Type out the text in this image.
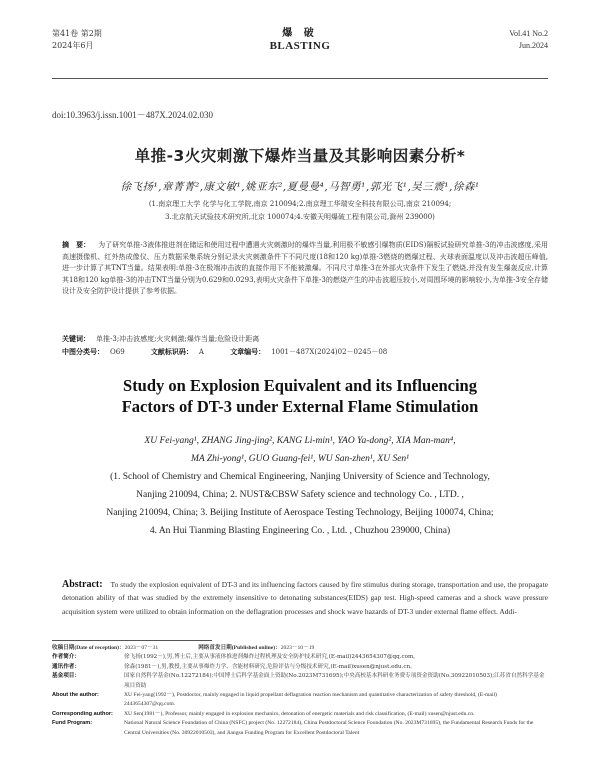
第41卷 第2期
2024年6月
爆 破
BLASTING
Vol.41 No.2
Jun.2024
doi:10.3963/j.issn.1001－487X.2024.02.030
单推-3火灾刺激下爆炸当量及其影响因素分析*
徐飞扬¹,章菁菁²,康文敏¹,姚亚东²,夏曼曼⁴,马智勇¹,郭光飞¹,吴三震¹,徐森¹
(1.南京理工大学 化学与化工学院,南京 210094;2.南京理工华瑞安全科技有限公司,南京 210094;
3.北京航天试验技术研究所,北京 100074;4.安徽天明爆破工程有限公司,滁州 239000)
摘　要： 为了研究单推-3液体推进剂在储运和使用过程中遭遇火灾刺激时的爆炸当量,利用极不敏感引爆物质(EIDS)隔板试验研究单推-3的冲击波感度,采用高速摄像机、红外热成像仪、压力数据采集系统分别记录火灾刺激条件下不同尺度(18和120 kg)单推-3燃烧的燃爆过程、火球表面温度以及冲击波超压峰值,进一步计算了其TNT当量。结果表明:单推-3在极端冲击波的直接作用下不能被激爆。不同尺寸单推-3在外部火灾条件下发生了燃烧,并没有发生爆轰反应,计算其18和120 kg单推-3的冲击TNT当量分别为0.629和0.0293,表明火灾条件下单推-3的燃烧产生的冲击波超压较小,对周围环境的影响较小,为单推-3安全存储设计及安全防护设计提供了参考依据。
关键词： 单推-3;冲击波感度;火灾刺激;爆炸当量;危险设计距离
中图分类号： O69	文献标识码： A	文章编号： 1001－487X(2024)02－0245－08
Study on Explosion Equivalent and its Influencing
Factors of DT-3 under External Flame Stimulation
XU Fei-yang¹, ZHANG Jing-jing², KANG Li-min¹, YAO Ya-dong², XIA Man-man⁴,
MA Zhi-yong¹, GUO Guang-fei¹, WU San-zhen¹, XU Sen¹
(1. School of Chemistry and Chemical Engineering, Nanjing University of Science and Technology,
Nanjing 210094, China; 2. NUST&CBSW Safety science and technology Co. , LTD. ,
Nanjing 210094, China; 3. Beijing Institute of Aerospace Testing Technology, Beijing 100074, China;
4. An Hui Tianming Blasting Engineering Co. , Ltd. , Chuzhou 239000, China)
Abstract: To study the explosion equivalent of DT-3 and its influencing factors caused by fire stimulus during storage, transportation and use, the propagate detonation ability of that was studied by the extremely insensitive to detonating substances(EIDS) gap test. High-speed cameras and a shock wave pressure acquisition system were utilized to obtain information on the deflagration processes and shock wave hazards of DT-3 under external flame effect. Addi-
收稿日期(Date of reception)：2023－07－31	网络首发日期(Published online)：2023－10－19
作者简介：	徐飞扬(1992－),男,博士后,主要从事液体推进剂爆炸过程机理及安全防护技术研究,(E-mail)2443654307@qq.com。
通讯作者：	徐森(1981－),男,教授,主要从事爆炸力学、含能材料研究,危险评估与分级技术研究,(E-mail)xusen@njust.edu.cn。
基金项目：	国家自然科学基金(No.12272184);中国博士后科学基金面上资助(No.2023M731695);中央高校基本科研业务费专项资金资助(No.30922010503);江苏省自然科学基金项目资助
About the author:	XU Fei-yang(1992－), Postdoctor, mainly engaged in liquid propellant deflagration reaction mechanism and quantitative characterization of safety threshold, (E-mail) 2443654307@qq.com.
Corresponding author:	XU Sen(1981－), Professor, mainly engaged in explosion mechanics, detonation of energetic materials and risk classification, (E-mail) xusen@njust.edu.cn.
Fund Program:	National Natural Science Foundation of China (NSFC) project (No. 12272184), China Postdoctoral Science Foundation (No. 2023M731695), the Fundamental Research Funds for the Central Universities (No. 30922010503), and Jiangsu Funding Program for Excellent Postdoctoral Talent
